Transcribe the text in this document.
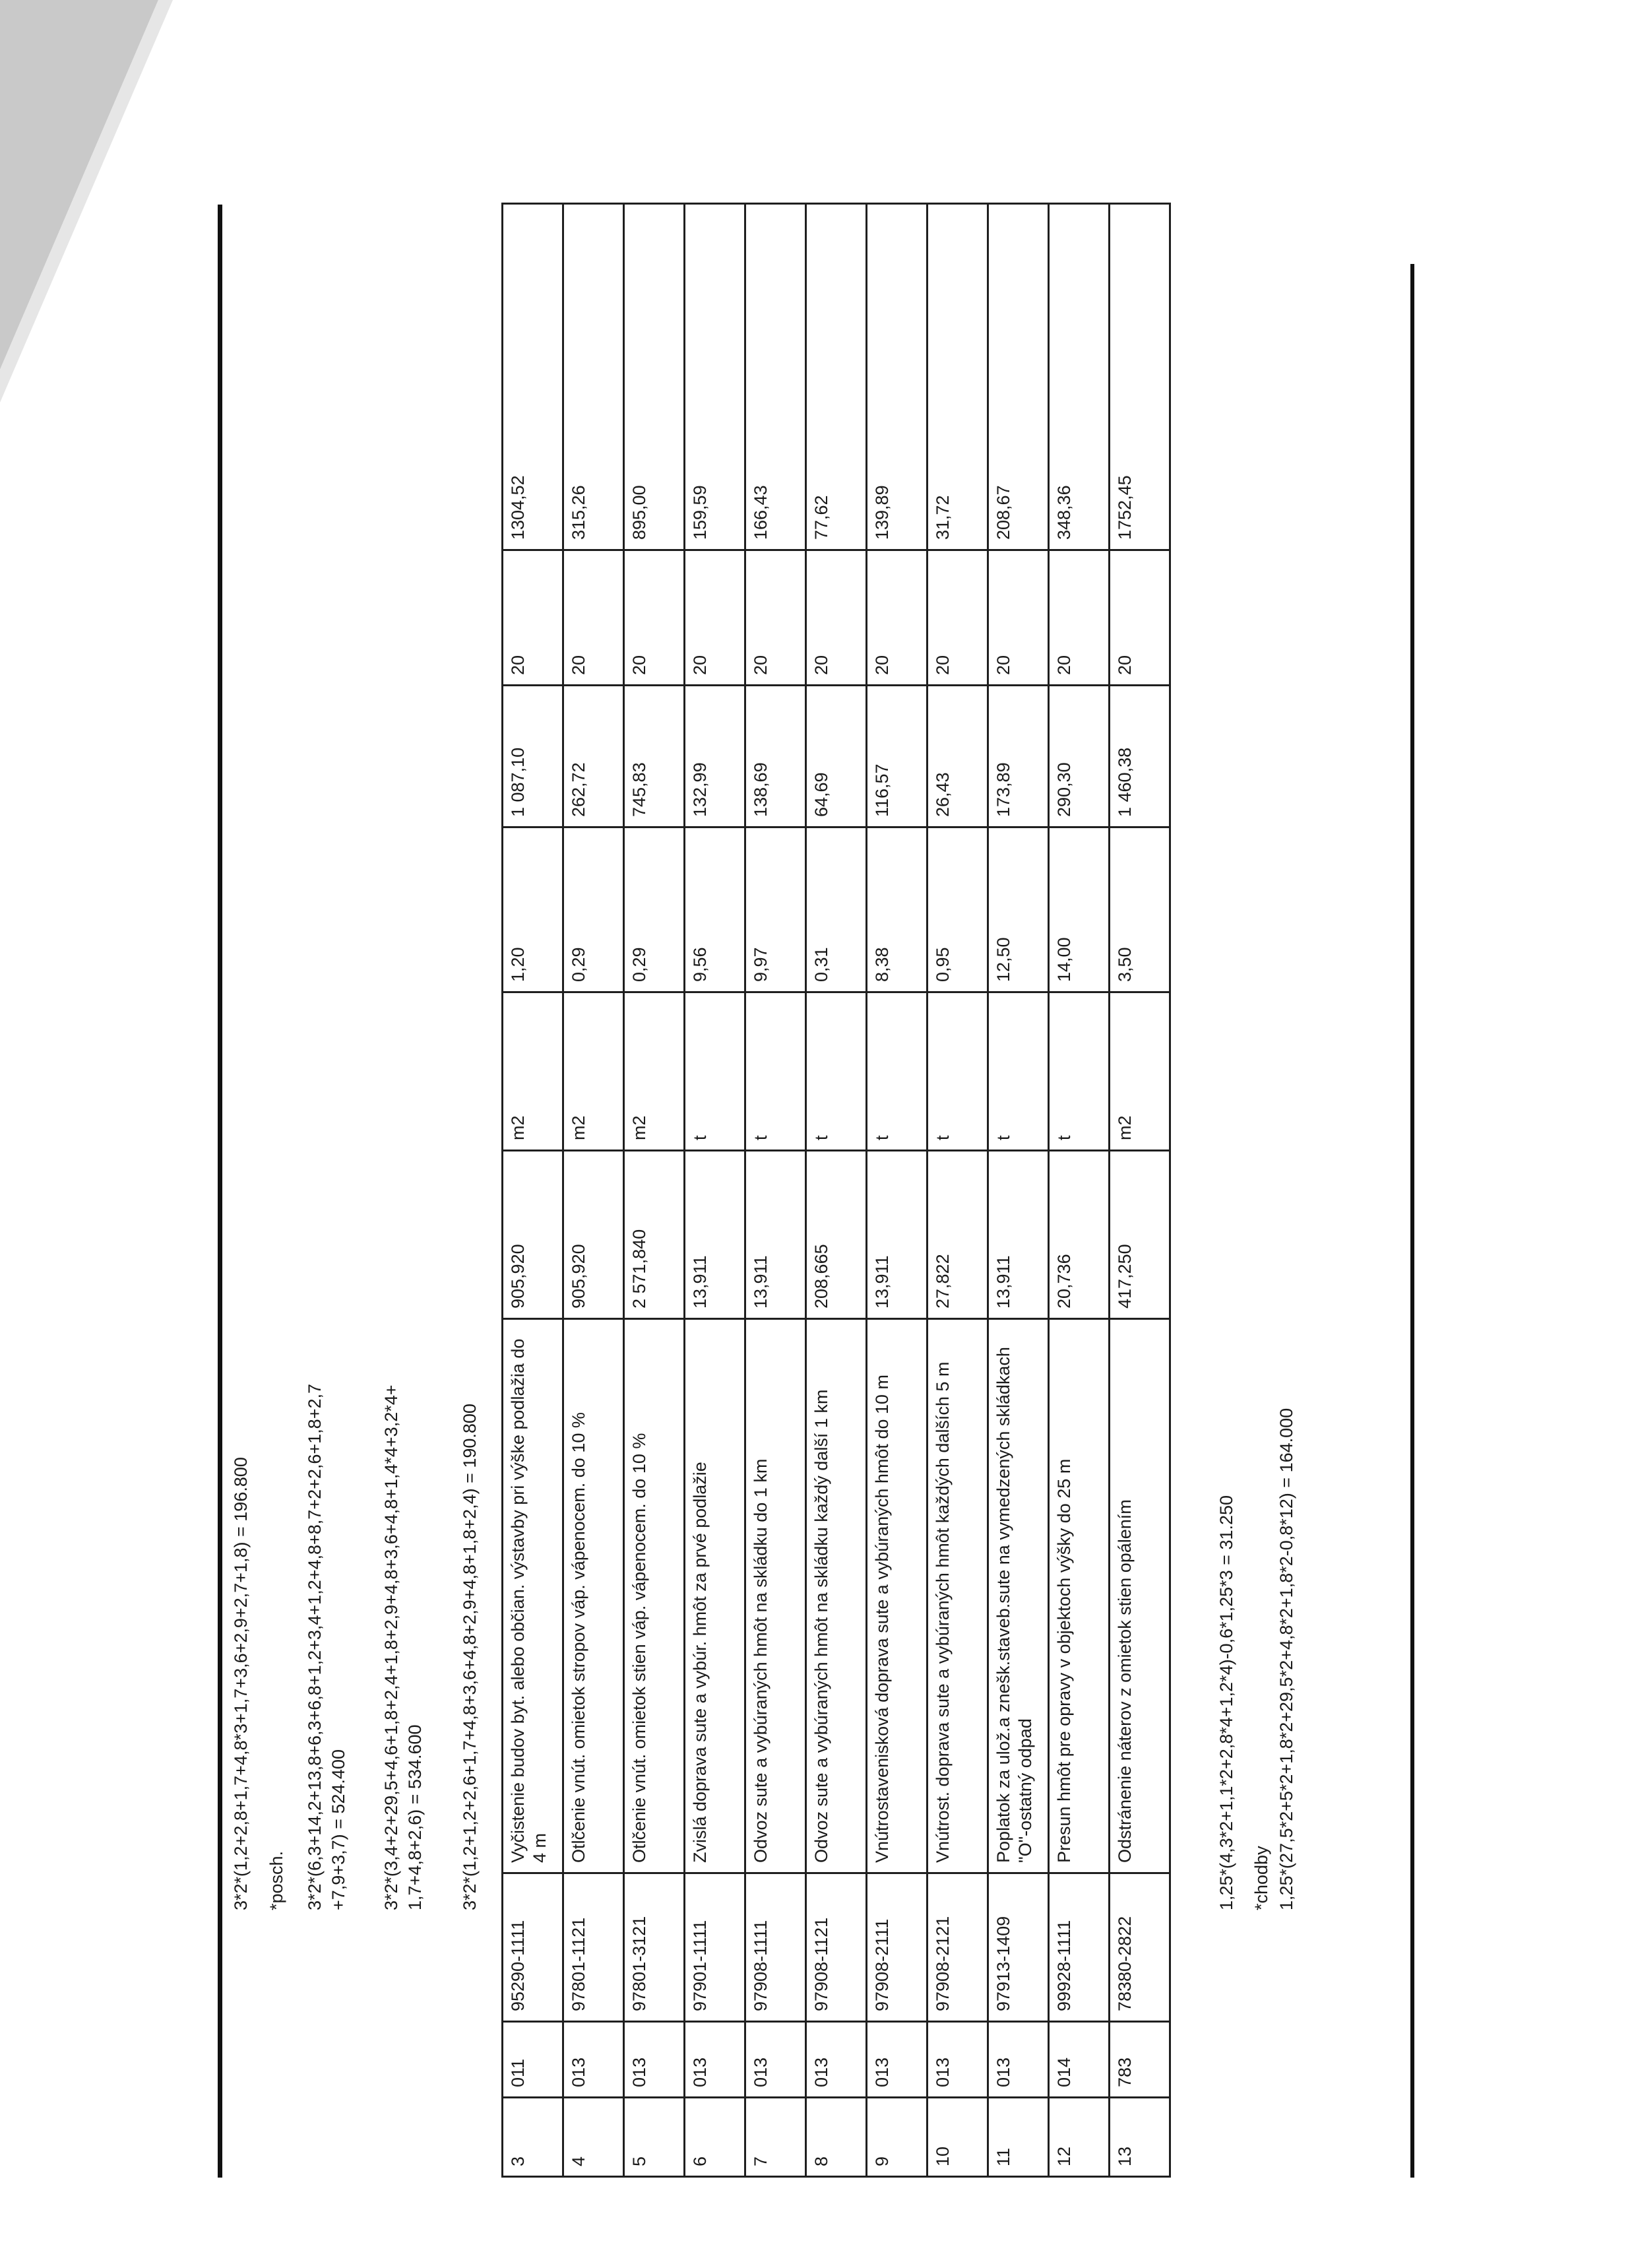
3*2*(1,2+2,8+1,7+4,8*3+1,7+3,6+2,9+2,7+1,8) = 196.800 *posch. 3*2*(6,3+14,2+13,8+6,3+6,8+1,2+3,4+1,2+4,8+8,7+2+2,6+1,8+2,7 +7,9+3,7) = 524.400 3*2*(3,4+2+29,5+4,6+1,8+2,4+1,8+2,9+4,8+3,6+4,8+1,4*4+3,2*4+ 1,7+4,8+2,6) = 534.600 3*2*(1,2+1,2+2,6+1,7+4,8+3,6+4,8+2,9+4,8+1,8+2,4) = 190.800
3	011	95290-1111	Vyčistenie budov byt. alebo občian. výstavby pri výške podlažia do 4 m	905,920	m2	1,20	1 087,10	20	1304,52
4	013	97801-1121	Otlčenie vnút. omietok stropov váp. vápenocem. do 10 %	905,920	m2	0,29	262,72	20	315,26
5	013	97801-3121	Otlčenie vnút. omietok stien váp. vápenocem. do 10 %	2 571,840	m2	0,29	745,83	20	895,00
6	013	97901-1111	Zvislá doprava sute a vybúr. hmôt za prvé podlažie	13,911	t	9,56	132,99	20	159,59
7	013	97908-1111	Odvoz sute a vybúraných hmôt na skládku do 1 km	13,911	t	9,97	138,69	20	166,43
8	013	97908-1121	Odvoz sute a vybúraných hmôt na skládku každý další 1 km	208,665	t	0,31	64,69	20	77,62
9	013	97908-2111	Vnútrostavenisková doprava sute a vybúraných hmôt do 10 m	13,911	t	8,38	116,57	20	139,89
10	013	97908-2121	Vnútrost. doprava sute a vybúraných hmôt každých dalších 5 m	27,822	t	0,95	26,43	20	31,72
11	013	97913-1409	Poplatok za ulož.a znešk.staveb.sute na vymedzených skládkach "O"-ostatný odpad	13,911	t	12,50	173,89	20	208,67
12	014	99928-1111	Presun hmôt pre opravy v objektoch výšky do 25 m	20,736	t	14,00	290,30	20	348,36
13	783	78380-2822	Odstránenie náterov z omietok stien opálením	417,250	m2	3,50	1 460,38	20	1752,45
1,25*(4,3*2+1,1*2+2,8*4+1,2*4)-0,6*1,25*3 = 31.250 *chodby 1,25*(27,5*2+5*2+1,8*2+29,5*2+4,8*2+1,8*2-0,8*12) = 164.000
